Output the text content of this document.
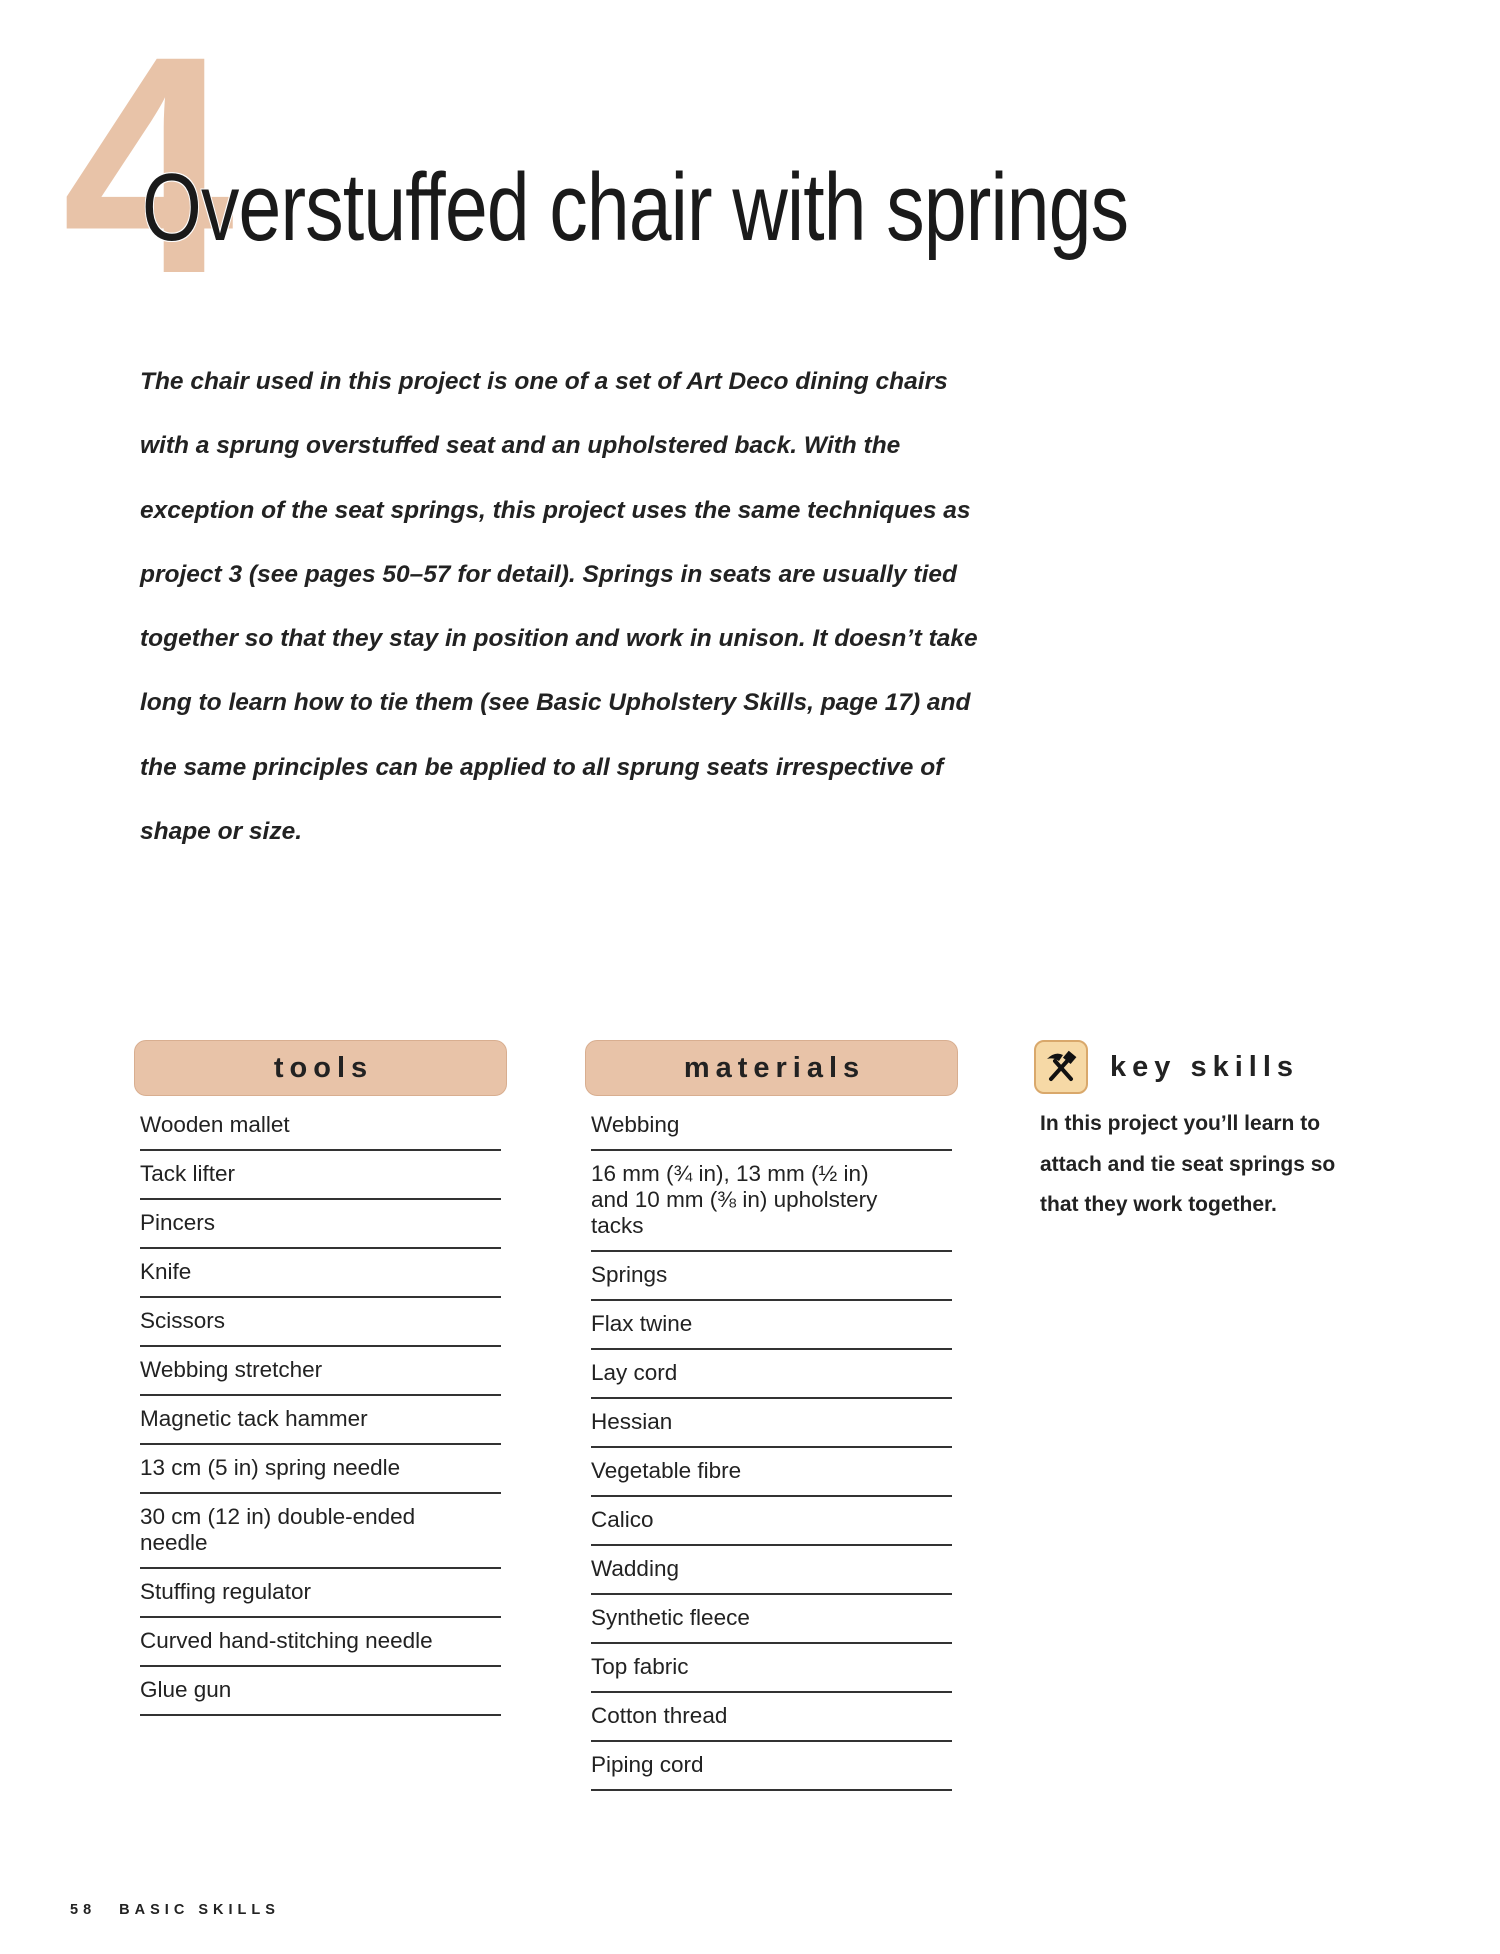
4
Overstuffed chair with springs

The chair used in this project is one of a set of Art Deco dining chairs with a sprung overstuffed seat and an upholstered back. With the exception of the seat springs, this project uses the same techniques as project 3 (see pages 50–57 for detail). Springs in seats are usually tied together so that they stay in position and work in unison. It doesn’t take long to learn how to tie them (see Basic Upholstery Skills, page 17) and the same principles can be applied to all sprung seats irrespective of shape or size.

tools
Wooden mallet
Tack lifter
Pincers
Knife
Scissors
Webbing stretcher
Magnetic tack hammer
13 cm (5 in) spring needle
30 cm (12 in) double-ended needle
Stuffing regulator
Curved hand-stitching needle
Glue gun
materials
Webbing
16 mm (¾ in), 13 mm (½ in) and 10 mm (⅜ in) upholstery tacks
Springs
Flax twine
Lay cord
Hessian
Vegetable fibre
Calico
Wadding
Synthetic fleece
Top fabric
Cotton thread
Piping cord
key skills

In this project you’ll learn to attach and tie seat springs so that they work together.

58 BASIC SKILLS
